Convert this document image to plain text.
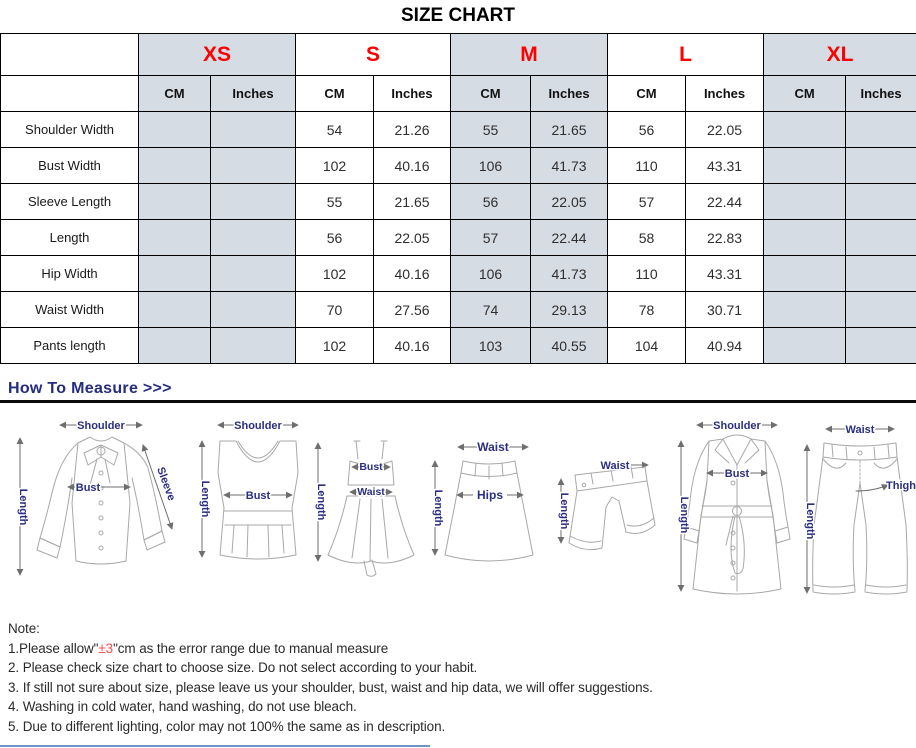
SIZE CHART
	XS		S		M		L		XL	
	CM	Inches	CM	Inches	CM	Inches	CM	Inches	CM	Inches
Shoulder Width			54	21.26	55	21.65	56	22.05		
Bust Width			102	40.16	106	41.73	110	43.31		
Sleeve Length			55	21.65	56	22.05	57	22.44		
Length			56	22.05	57	22.44	58	22.83		
Hip Width			102	40.16	106	41.73	110	43.31		
Waist Width			70	27.56	74	29.13	78	30.71		
Pants length			102	40.16	103	40.55	104	40.94		
How To Measure >>>
Shoulder
Bust	Sleeve
Length
Shoulder
Bust
Length
Bust
Waist
Length
Waist
Hips
Length
Waist
Length
Shoulder
Bust
Length
Waist
Thigh
Length
Note:
1.Please allow"±3"cm as the error range due to manual measure
2. Please check size chart to choose size. Do not select according to your habit.
3. If still not sure about size, please leave us your shoulder, bust, waist and hip data, we will offer suggestions.
4. Washing in cold water, hand washing, do not use bleach.
5. Due to different lighting, color may not 100% the same as in description.
